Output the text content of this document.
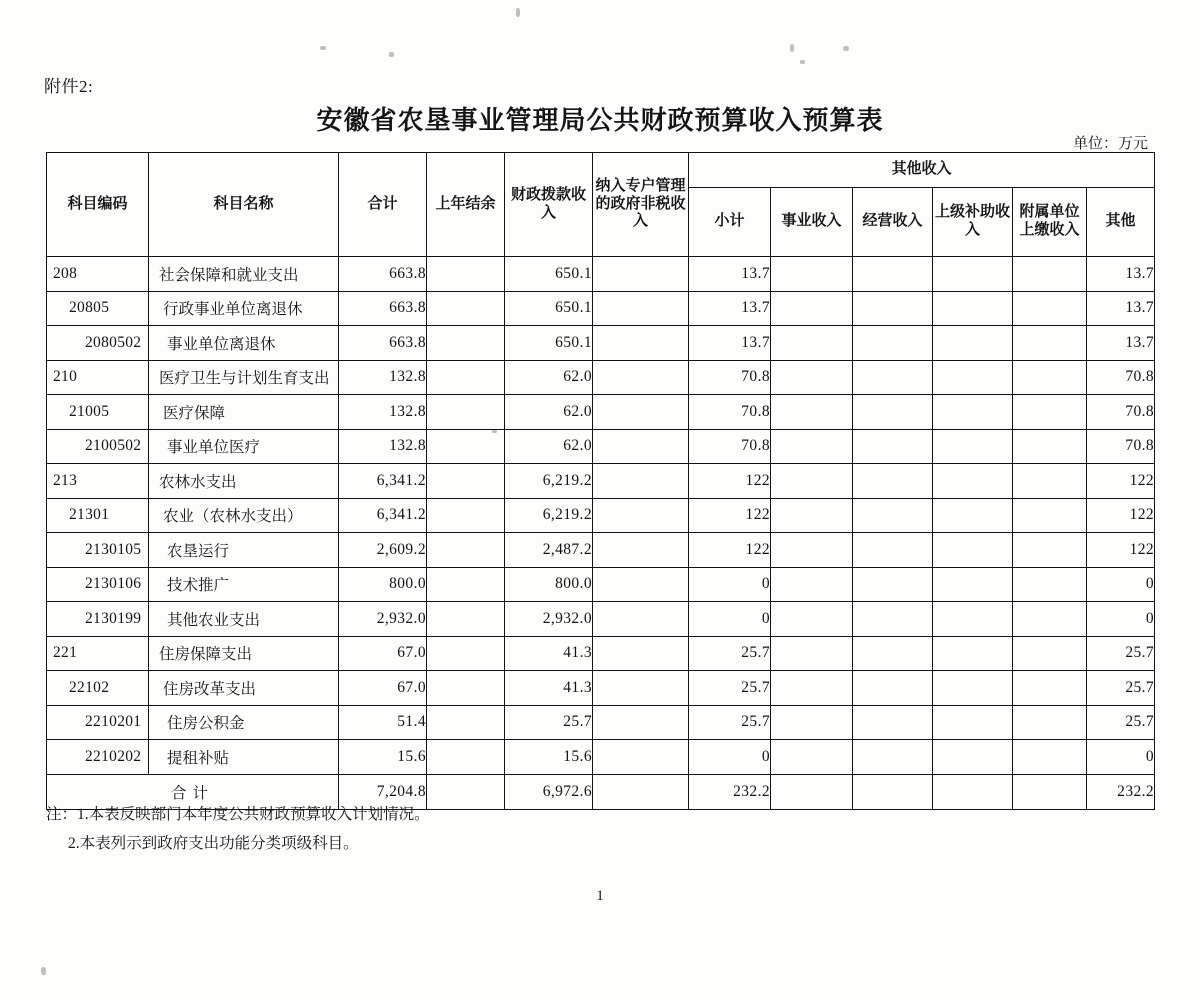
附件2:
安徽省农垦事业管理局公共财政预算收入预算表
单位：万元
科目编码	科目名称	合计	上年结余	财政拨款收入	纳入专户管理的政府非税收入	其他收入					
						小计	事业收入	经营收入	上级补助收入	附属单位上缴收入	其他
208	社会保障和就业支出	663.8		650.1		13.7					13.7
20805	行政事业单位离退休	663.8		650.1		13.7					13.7
2080502	事业单位离退休	663.8		650.1		13.7					13.7
210	医疗卫生与计划生育支出	132.8		62.0		70.8					70.8
21005	医疗保障	132.8		62.0		70.8					70.8
2100502	事业单位医疗	132.8		62.0		70.8					70.8
213	农林水支出	6,341.2		6,219.2		122					122
21301	农业（农林水支出）	6,341.2		6,219.2		122					122
2130105	农垦运行	2,609.2		2,487.2		122					122
2130106	技术推广	800.0		800.0		0					0
2130199	其他农业支出	2,932.0		2,932.0		0					0
221	住房保障支出	67.0		41.3		25.7					25.7
22102	住房改革支出	67.0		41.3		25.7					25.7
2210201	住房公积金	51.4		25.7		25.7					25.7
2210202	提租补贴	15.6		15.6		0					0
合计		7,204.8		6,972.6		232.2					232.2
注：1.本表反映部门本年度公共财政预算收入计划情况。
2.本表列示到政府支出功能分类项级科目。
1
